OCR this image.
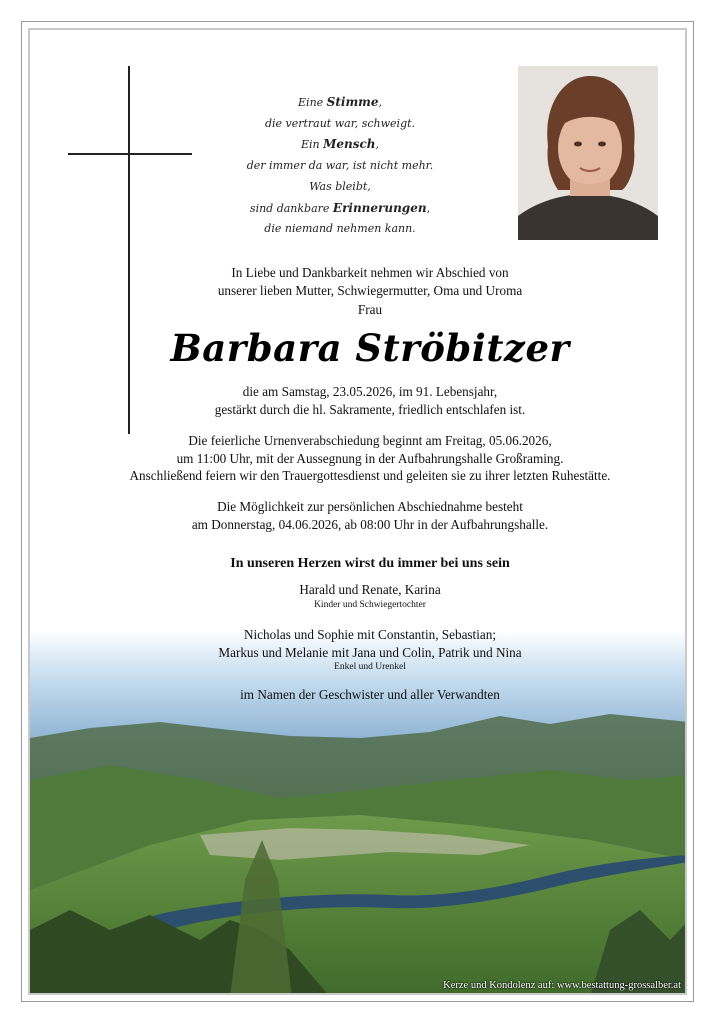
Eine Stimme,
die vertraut war, schweigt.
Ein Mensch,
der immer da war, ist nicht mehr.
Was bleibt,
sind dankbare Erinnerungen,
die niemand nehmen kann.
In Liebe und Dankbarkeit nehmen wir Abschied von
unserer lieben Mutter, Schwiegermutter, Oma und Uroma
Frau
Barbara Ströbitzer
die am Samstag, 23.05.2026, im 91. Lebensjahr,
gestärkt durch die hl. Sakramente, friedlich entschlafen ist.
Die feierliche Urnenverabschiedung beginnt am Freitag, 05.06.2026,
um 11:00 Uhr, mit der Aussegnung in der Aufbahrungshalle Großraming.
Anschließend feiern wir den Trauergottesdienst und geleiten sie zu ihrer letzten Ruhestätte.
Die Möglichkeit zur persönlichen Abschiednahme besteht
am Donnerstag, 04.06.2026, ab 08:00 Uhr in der Aufbahrungshalle.
In unseren Herzen wirst du immer bei uns sein
Harald und Renate, Karina
Kinder und Schwiegertochter
Nicholas und Sophie mit Constantin, Sebastian;
Markus und Melanie mit Jana und Colin, Patrik und Nina
Enkel und Urenkel
im Namen der Geschwister und aller Verwandten
Kerze und Kondolenz auf: www.bestattung-grossalber.at
